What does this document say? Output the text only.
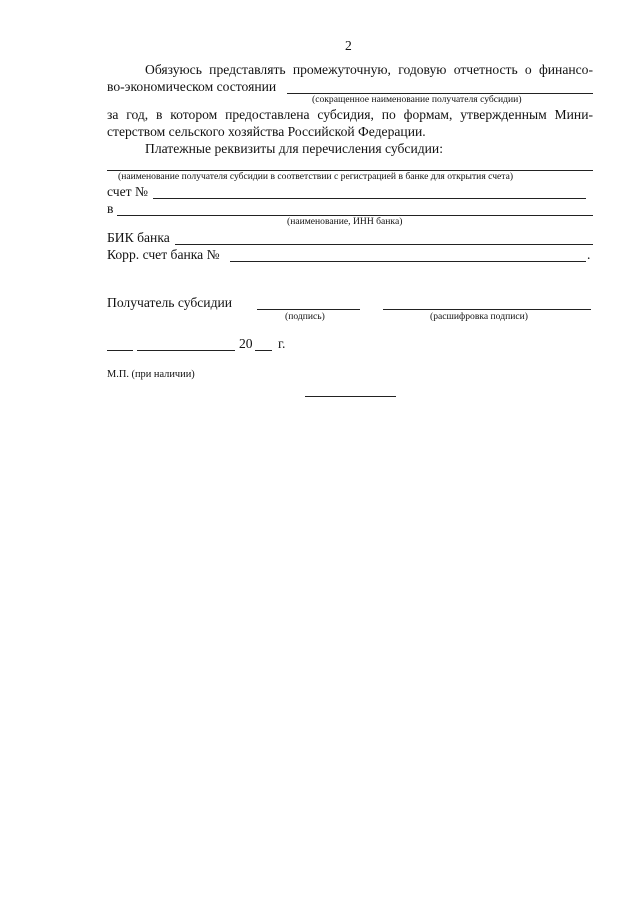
2
Обязуюсь представлять промежуточную, годовую отчетность о финансо-
во-экономическом состоянии
(сокращенное наименование получателя субсидии)
за год, в котором предоставлена субсидия, по формам, утвержденным Мини-
стерством сельского хозяйства Российской Федерации.
Платежные реквизиты для перечисления субсидии:
(наименование получателя субсидии в соответствии с регистрацией в банке для открытия счета)
счет №
в
(наименование, ИНН банка)
БИК банка
Корр. счет банка №	.
Получатель субсидии
(подпись)	(расшифровка подписи)
20 г.
М.П. (при наличии)
